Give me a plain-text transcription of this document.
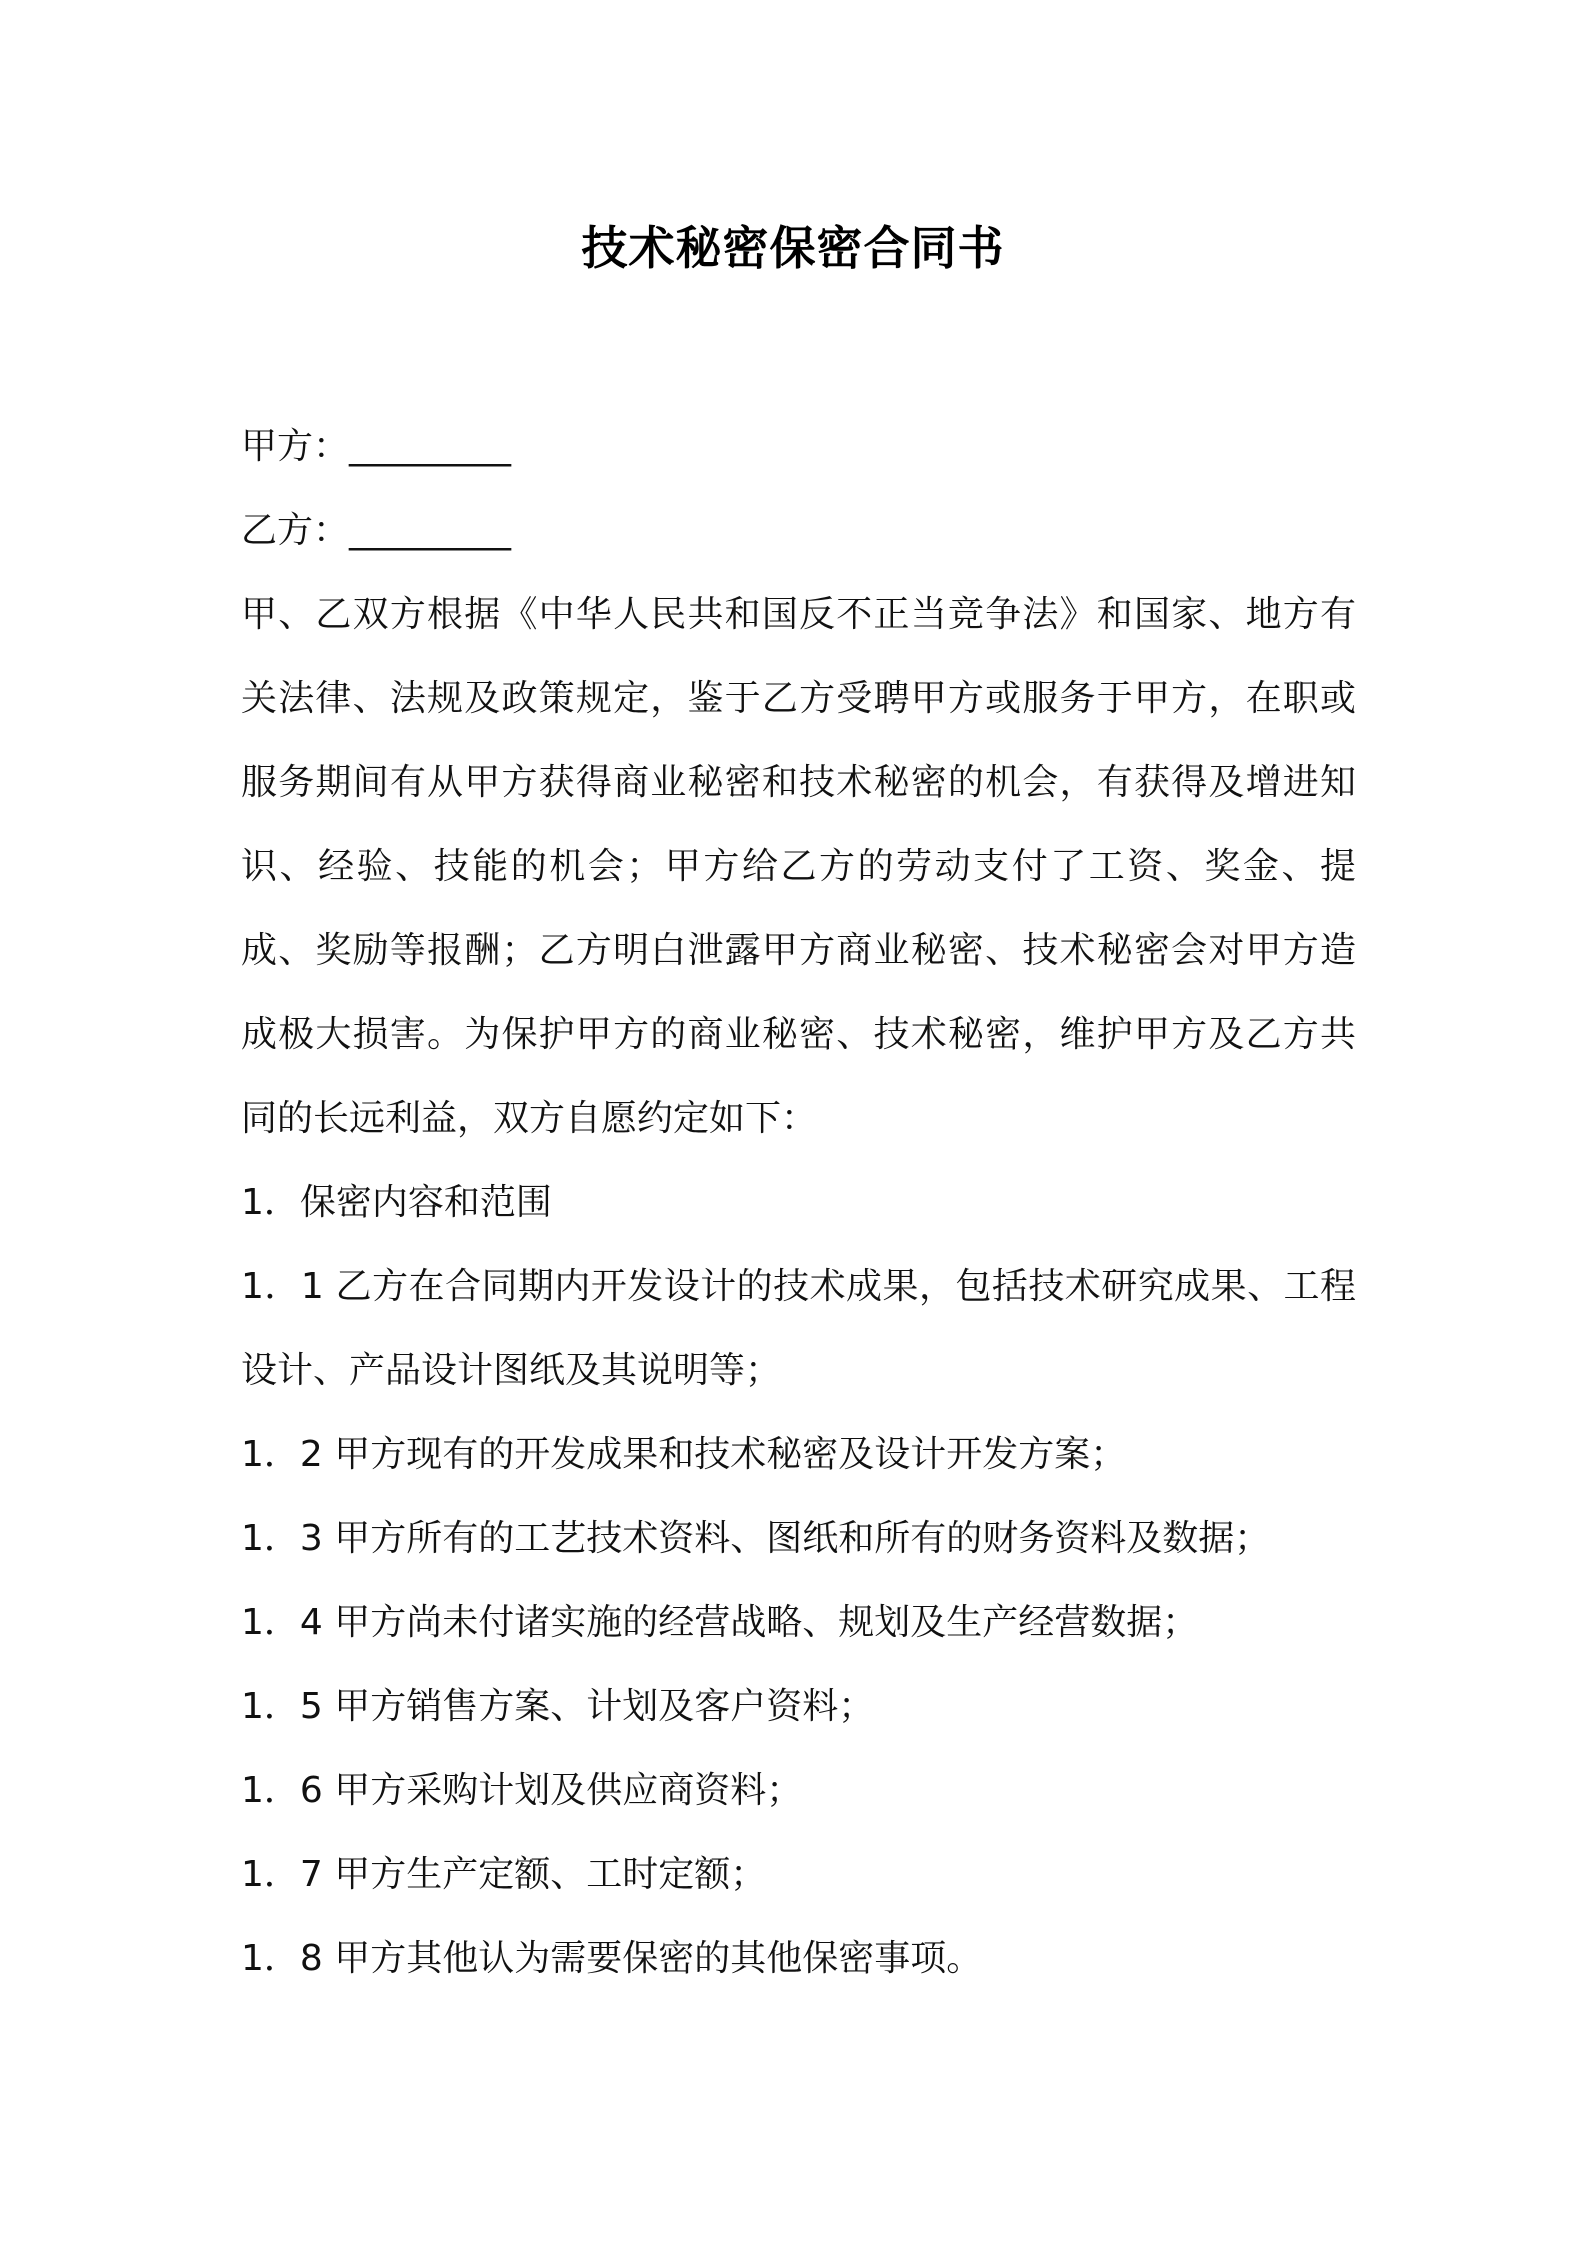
技术秘密保密合同书

甲方：_________

乙方：_________

甲、乙双方根据《中华人民共和国反不正当竞争法》和国家、地方有关法律、法规及政策规定，鉴于乙方受聘甲方或服务于甲方，在职或服务期间有从甲方获得商业秘密和技术秘密的机会，有获得及增进知识、经验、技能的机会；甲方给乙方的劳动支付了工资、奖金、提成、奖励等报酬；乙方明白泄露甲方商业秘密、技术秘密会对甲方造成极大损害。为保护甲方的商业秘密、技术秘密，维护甲方及乙方共同的长远利益，双方自愿约定如下：

1．保密内容和范围

1．1 乙方在合同期内开发设计的技术成果，包括技术研究成果、工程设计、产品设计图纸及其说明等；

1．2 甲方现有的开发成果和技术秘密及设计开发方案；

1．3 甲方所有的工艺技术资料、图纸和所有的财务资料及数据；

1．4 甲方尚未付诸实施的经营战略、规划及生产经营数据；

1．5 甲方销售方案、计划及客户资料；

1．6 甲方采购计划及供应商资料；

1．7 甲方生产定额、工时定额；

1．8 甲方其他认为需要保密的其他保密事项。
